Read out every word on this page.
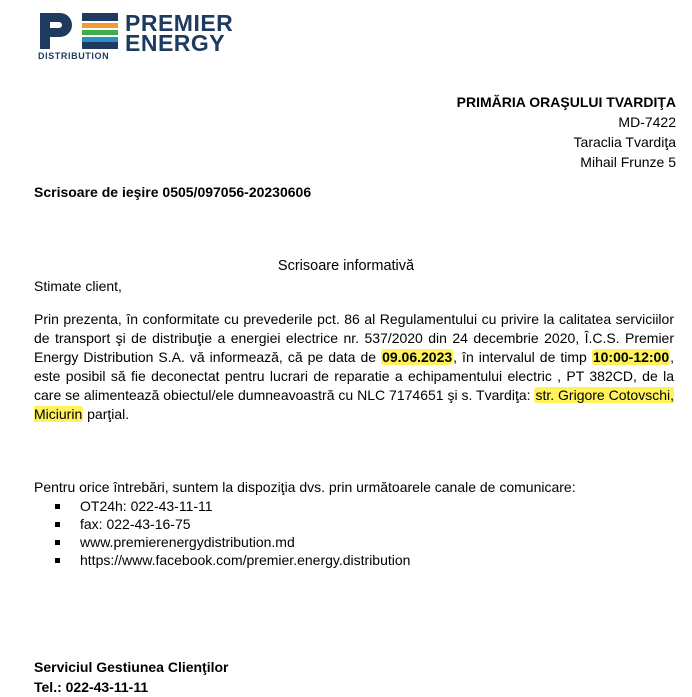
PREMIER
ENERGY
DISTRIBUTION
PRIMĂRIA ORAŞULUI TVARDIŢA
MD-7422
Taraclia Tvardiţa
Mihail Frunze 5
Scrisoare de ieşire 0505/097056-20230606
Scrisoare informativă
Stimate client,

Prin prezenta, în conformitate cu prevederile pct. 86 al Regulamentului cu privire la calitatea serviciilor de transport şi de distribuţie a energiei electrice nr. 537/2020 din 24 decembrie 2020, Î.C.S. Premier Energy Distribution S.A. vă informează, că pe data de 09.06.2023, în intervalul de timp 10:00-12:00, este posibil să fie deconectat pentru lucrari de reparatie a echipamentului electric , PT 382CD, de la care se alimentează obiectul/ele dumneavoastră cu NLC 7174651 şi s. Tvardiţa: str. Grigore Cotovschi, Miciurin parţial.

Pentru orice întrebări, suntem la dispoziţia dvs. prin următoarele canale de comunicare:
OT24h: 022-43-11-11
fax: 022-43-16-75
www.premierenergydistribution.md
https://www.facebook.com/premier.energy.distribution
Serviciul Gestiunea Clienţilor
Tel.: 022-43-11-11
